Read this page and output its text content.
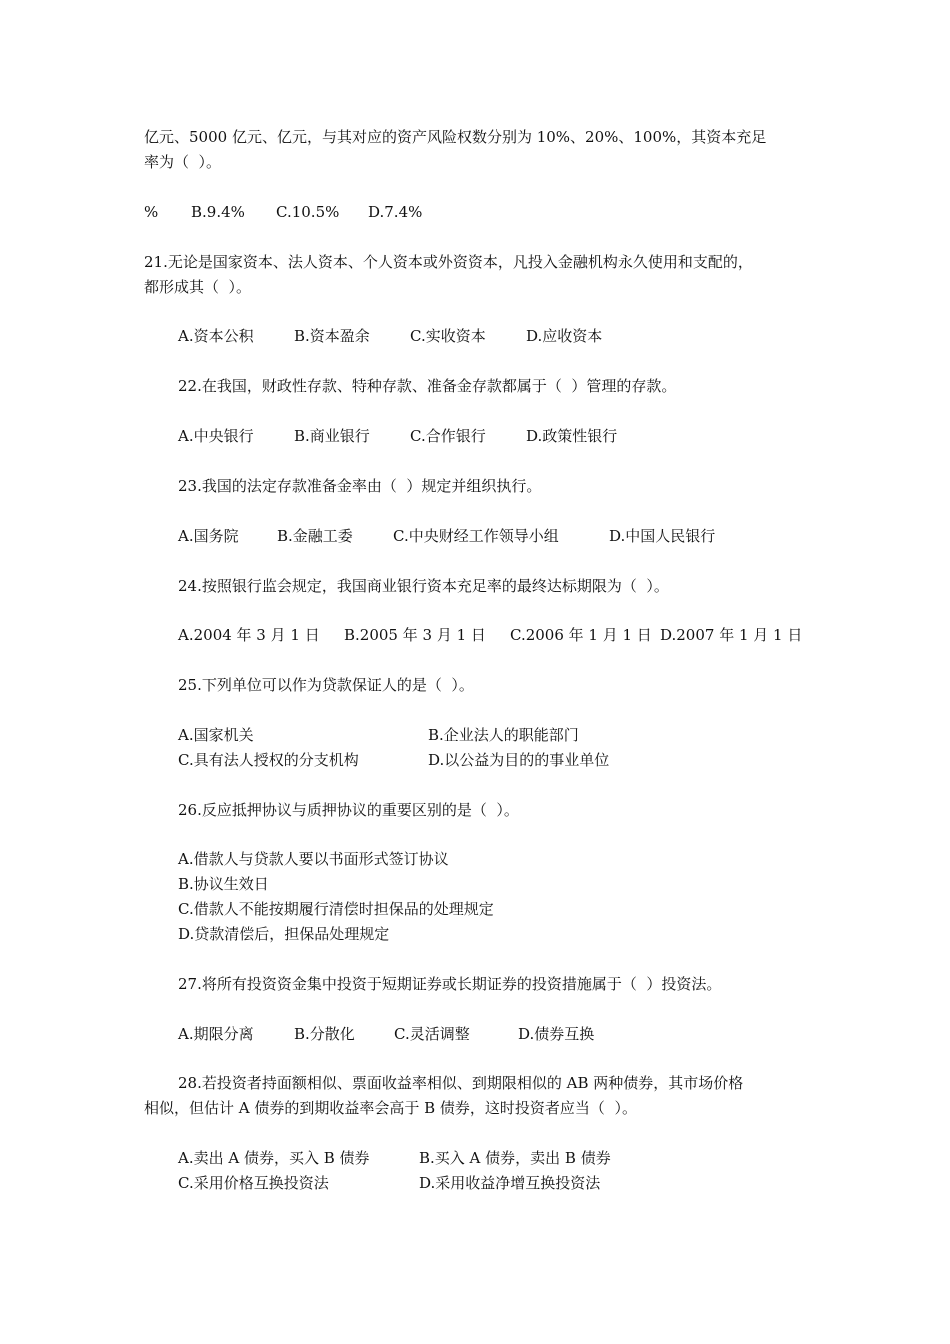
亿元、5000 亿元、亿元，与其对应的资产风险权数分别为 10%、20%、100%，其资本充足
率为（  ）。
% B.9.4% C.10.5% D.7.4%
21.无论是国家资本、法人资本、个人资本或外资资本，凡投入金融机构永久使用和支配的，
都形成其（  ）。
A.资本公积	B.资本盈余	C.实收资本	D.应收资本
22.在我国，财政性存款、特种存款、准备金存款都属于（  ）管理的存款。
A.中央银行	B.商业银行	C.合作银行	D.政策性银行
23.我国的法定存款准备金率由（  ）规定并组织执行。
A.国务院	B.金融工委	C.中央财经工作领导小组	D.中国人民银行
24.按照银行监会规定，我国商业银行资本充足率的最终达标期限为（  ）。
A.2004 年 3 月 1 日 B.2005 年 3 月 1 日 C.2006 年 1 月 1 日 D.2007 年 1 月 1 日
25.下列单位可以作为贷款保证人的是（  ）。
A.国家机关	B.企业法人的职能部门
C.具有法人授权的分支机构	D.以公益为目的的事业单位
26.反应抵押协议与质押协议的重要区别的是（  ）。
A.借款人与贷款人要以书面形式签订协议
B.协议生效日
C.借款人不能按期履行清偿时担保品的处理规定
D.贷款清偿后，担保品处理规定
27.将所有投资资金集中投资于短期证券或长期证券的投资措施属于（  ）投资法。
A.期限分离	B.分散化	C.灵活调整	D.债券互换
28.若投资者持面额相似、票面收益率相似、到期限相似的 AB 两种债券，其市场价格
相似，但估计 A 债券的到期收益率会高于 B 债券，这时投资者应当（  ）。
A.卖出 A 债券，买入 B 债券	B.买入 A 债券，卖出 B 债券
C.采用价格互换投资法	D.采用收益净增互换投资法
